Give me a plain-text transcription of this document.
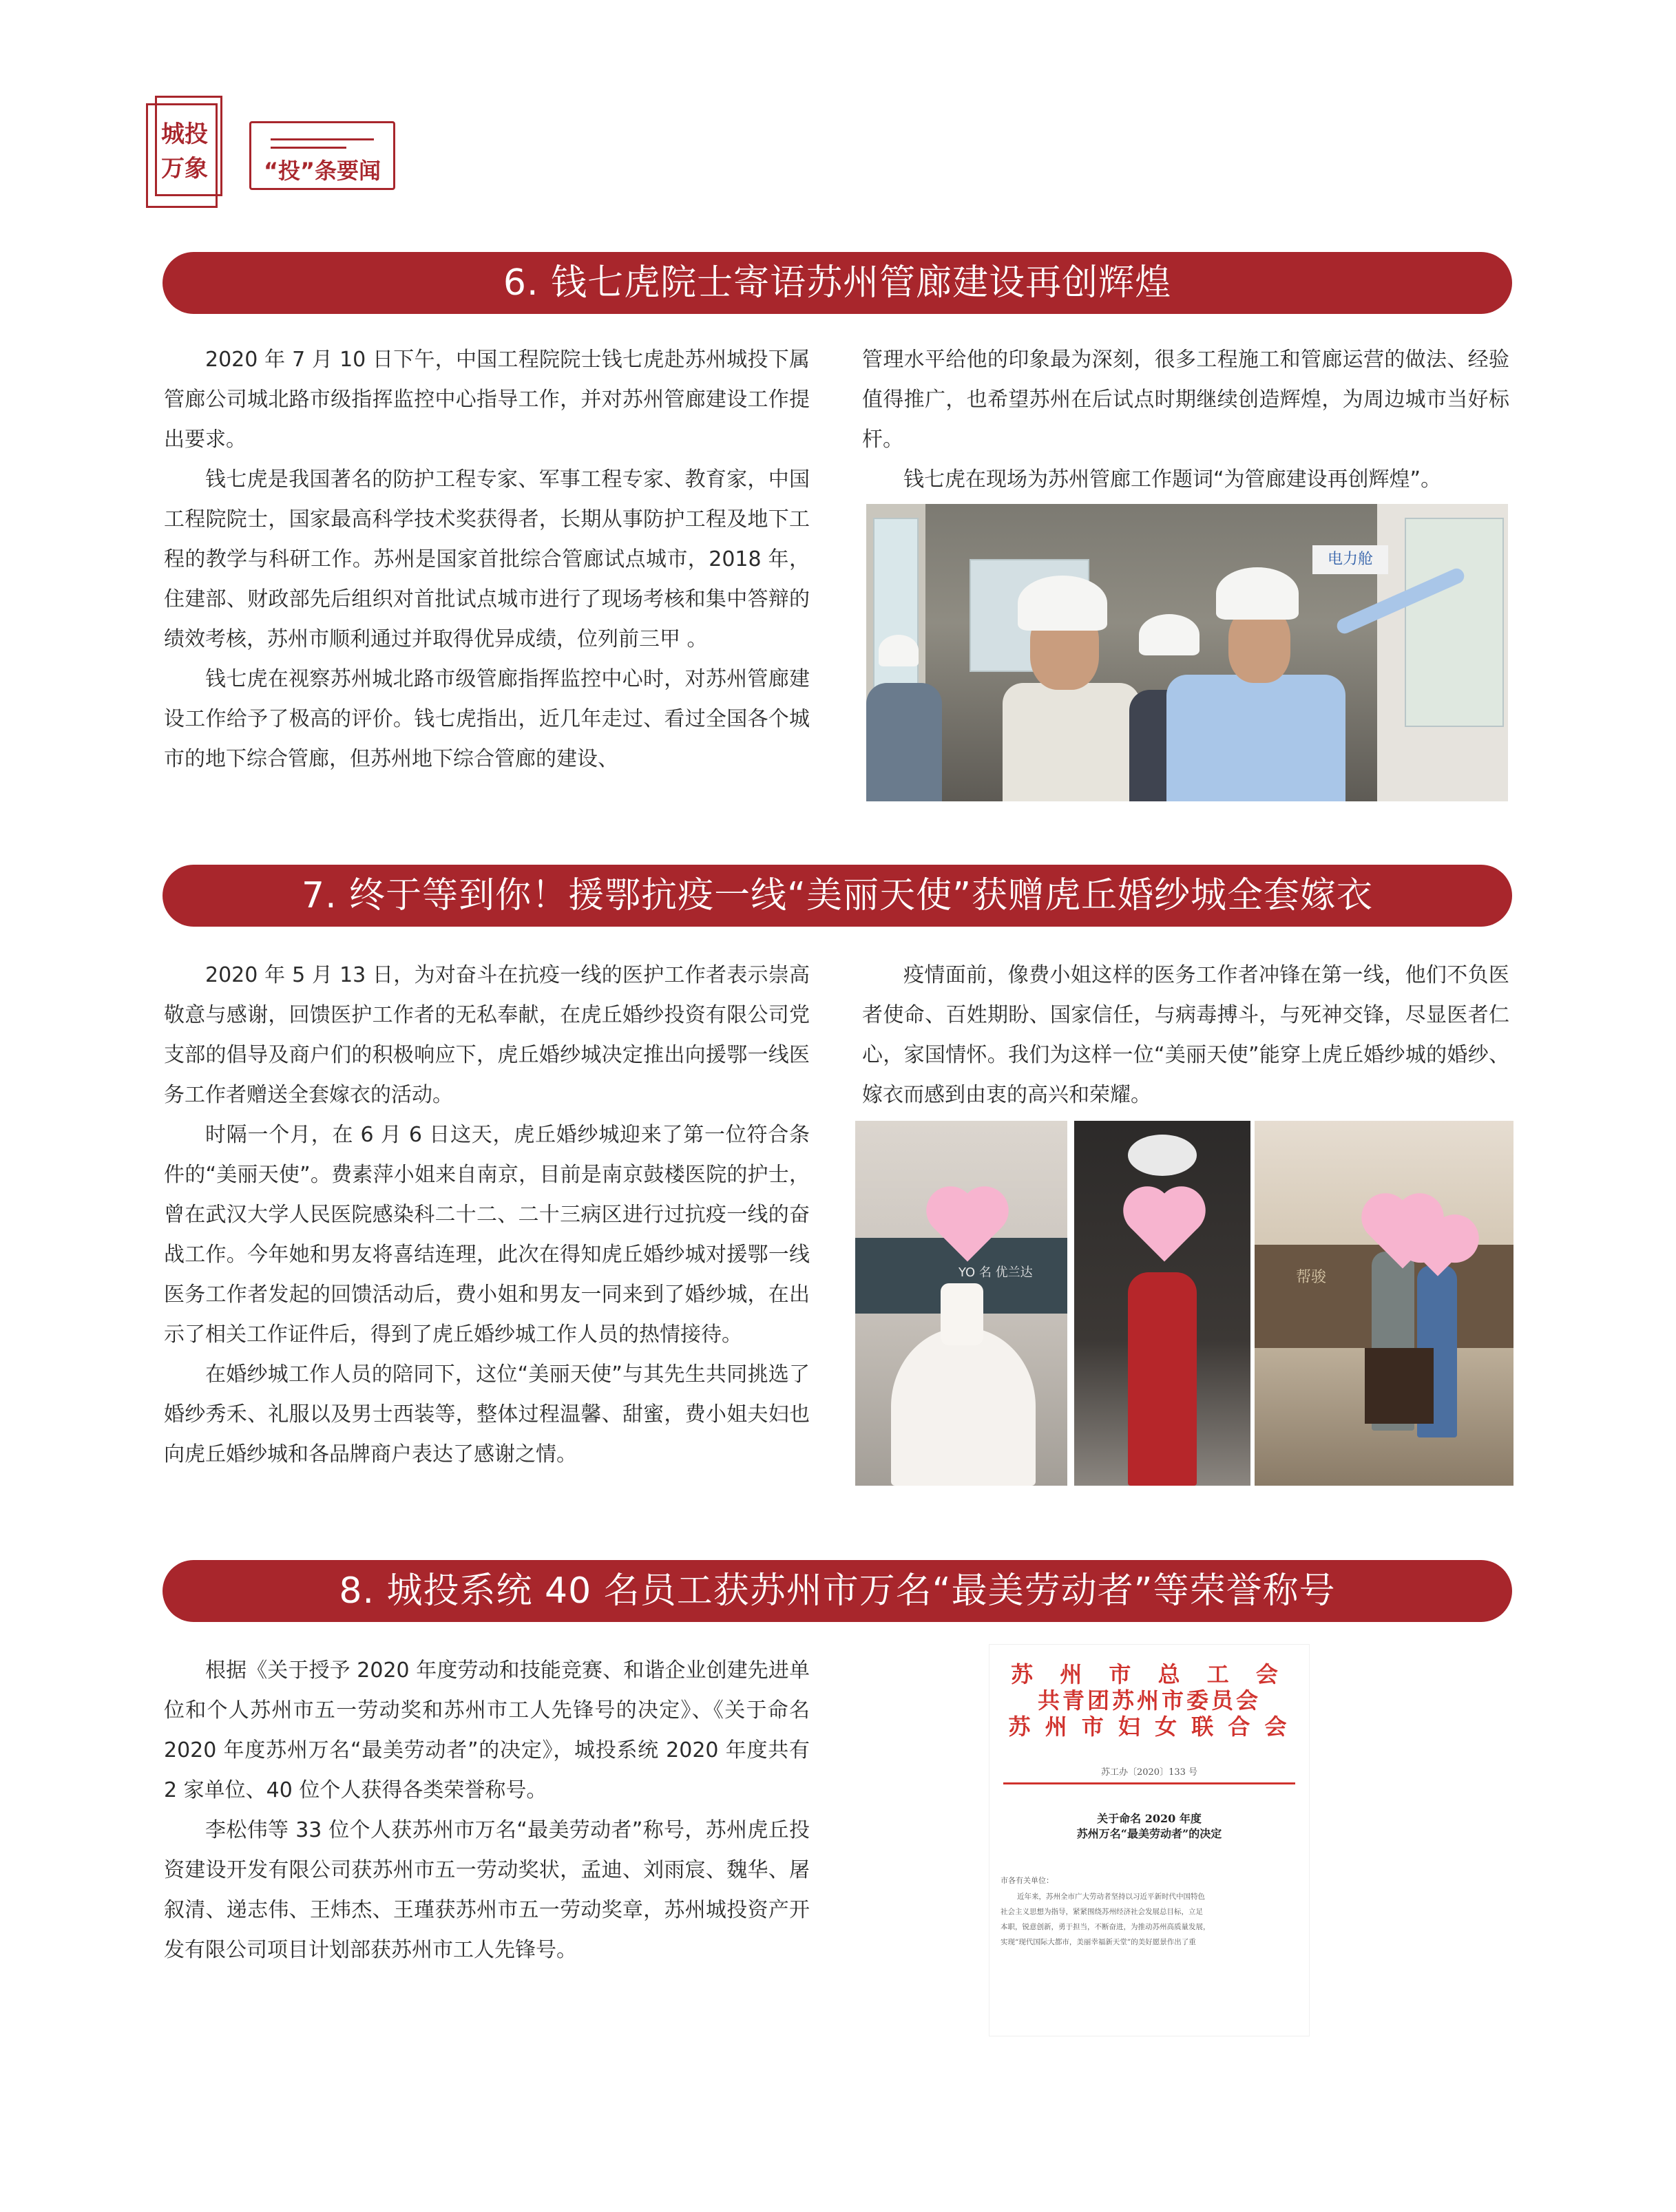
城投
万象	“投”条要闻
6. 钱七虎院士寄语苏州管廊建设再创辉煌

2020 年 7 月 10 日下午，中国工程院院士钱七虎赴苏州城投下属管廊公司城北路市级指挥监控中心指导工作，并对苏州管廊建设工作提出要求。

钱七虎是我国著名的防护工程专家、军事工程专家、教育家，中国工程院院士，国家最高科学技术奖获得者，长期从事防护工程及地下工程的教学与科研工作。苏州是国家首批综合管廊试点城市，2018 年，住建部、财政部先后组织对首批试点城市进行了现场考核和集中答辩的绩效考核，苏州市顺利通过并取得优异成绩，位列前三甲 。

钱七虎在视察苏州城北路市级管廊指挥监控中心时，对苏州管廊建设工作给予了极高的评价。钱七虎指出，近几年走过、看过全国各个城市的地下综合管廊，但苏州地下综合管廊的建设、

管理水平给他的印象最为深刻，很多工程施工和管廊运营的做法、经验值得推广，也希望苏州在后试点时期继续创造辉煌，为周边城市当好标杆。

钱七虎在现场为苏州管廊工作题词“为管廊建设再创辉煌”。

电力舱
7. 终于等到你！援鄂抗疫一线“美丽天使”获赠虎丘婚纱城全套嫁衣

2020 年 5 月 13 日，为对奋斗在抗疫一线的医护工作者表示崇高敬意与感谢，回馈医护工作者的无私奉献，在虎丘婚纱投资有限公司党支部的倡导及商户们的积极响应下，虎丘婚纱城决定推出向援鄂一线医务工作者赠送全套嫁衣的活动。

时隔一个月，在 6 月 6 日这天，虎丘婚纱城迎来了第一位符合条件的“美丽天使”。费素萍小姐来自南京，目前是南京鼓楼医院的护士，曾在武汉大学人民医院感染科二十二、二十三病区进行过抗疫一线的奋战工作。今年她和男友将喜结连理，此次在得知虎丘婚纱城对援鄂一线医务工作者发起的回馈活动后，费小姐和男友一同来到了婚纱城，在出示了相关工作证件后，得到了虎丘婚纱城工作人员的热情接待。

在婚纱城工作人员的陪同下，这位“美丽天使”与其先生共同挑选了婚纱秀禾、礼服以及男士西装等，整体过程温馨、甜蜜，费小姐夫妇也向虎丘婚纱城和各品牌商户表达了感谢之情。

疫情面前，像费小姐这样的医务工作者冲锋在第一线，他们不负医者使命、百姓期盼、国家信任，与病毒搏斗，与死神交锋，尽显医者仁心，家国情怀。我们为这样一位“美丽天使”能穿上虎丘婚纱城的婚纱、嫁衣而感到由衷的高兴和荣耀。

YO 名 优兰达	帮骏
8. 城投系统 40 名员工获苏州市万名“最美劳动者”等荣誉称号

根据《关于授予 2020 年度劳动和技能竞赛、和谐企业创建先进单位和个人苏州市五一劳动奖和苏州市工人先锋号的决定》、《关于命名 2020 年度苏州万名“最美劳动者”的决定》，城投系统 2020 年度共有 2 家单位、40 位个人获得各类荣誉称号。

李松伟等 33 位个人获苏州市万名“最美劳动者”称号，苏州虎丘投资建设开发有限公司获苏州市五一劳动奖状，孟迪、刘雨宸、魏华、屠叙清、递志伟、王炜杰、王瑾获苏州市五一劳动奖章，苏州城投资产开发有限公司项目计划部获苏州市工人先锋号。

苏 州 市 总 工 会
共青团苏州市委员会
苏 州 市 妇 女 联 合 会
苏工办〔2020〕133 号
关于命名 2020 年度
苏州万名“最美劳动者”的决定
市各有关单位：
近年来，苏州全市广大劳动者坚持以习近平新时代中国特色
社会主义思想为指导，紧紧围绕苏州经济社会发展总目标，立足
本职，锐意创新，勇于担当，不断奋进，为推动苏州高质量发展，
实现“现代国际大都市，美丽幸福新天堂”的美好愿景作出了重
